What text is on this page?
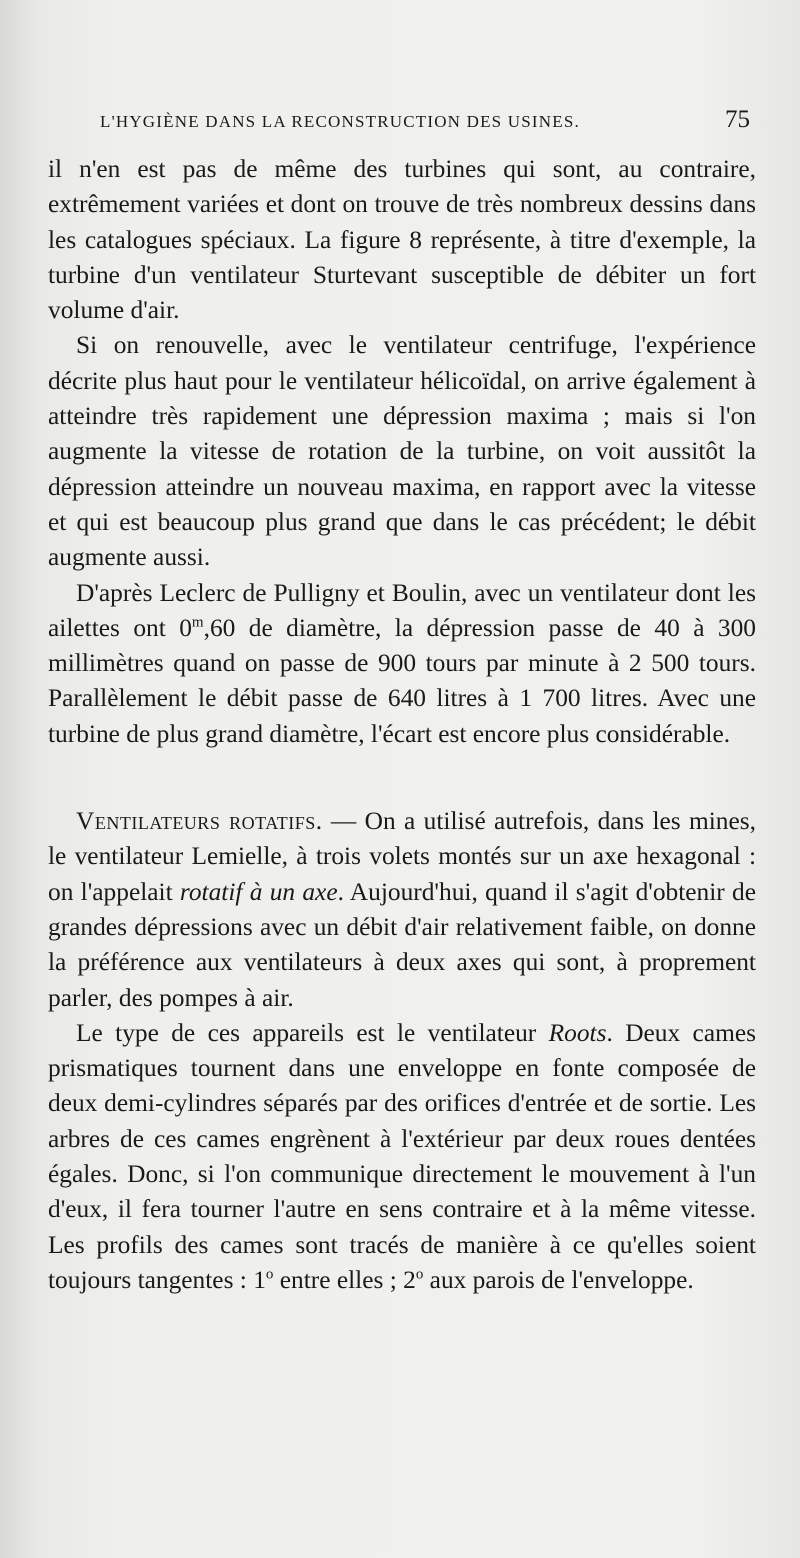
L'HYGIÈNE DANS LA RECONSTRUCTION DES USINES.	75

il n'en est pas de même des turbines qui sont, au contraire, extrêmement variées et dont on trouve de très nombreux dessins dans les catalogues spéciaux. La figure 8 représente, à titre d'exemple, la turbine d'un ventilateur Sturtevant susceptible de débiter un fort volume d'air.

Si on renouvelle, avec le ventilateur centrifuge, l'expérience décrite plus haut pour le ventilateur hélicoïdal, on arrive également à atteindre très rapidement une dépression maxima ; mais si l'on augmente la vitesse de rotation de la turbine, on voit aussitôt la dépression atteindre un nouveau maxima, en rapport avec la vitesse et qui est beaucoup plus grand que dans le cas précédent; le débit augmente aussi.

D'après Leclerc de Pulligny et Boulin, avec un ventilateur dont les ailettes ont 0$^m$,60 de diamètre, la dépression passe de 40 à 300 millimètres quand on passe de 900 tours par minute à 2 500 tours. Parallèlement le débit passe de 640 litres à 1 700 litres. Avec une turbine de plus grand diamètre, l'écart est encore plus considérable.

Ventilateurs rotatifs. — On a utilisé autrefois, dans les mines, le ventilateur Lemielle, à trois volets montés sur un axe hexagonal : on l'appelait rotatif à un axe. Aujourd'hui, quand il s'agit d'obtenir de grandes dépressions avec un débit d'air relativement faible, on donne la préférence aux ventilateurs à deux axes qui sont, à proprement parler, des pompes à air.

Le type de ces appareils est le ventilateur Roots. Deux cames prismatiques tournent dans une enveloppe en fonte composée de deux demi-cylindres séparés par des orifices d'entrée et de sortie. Les arbres de ces cames engrènent à l'extérieur par deux roues dentées égales. Donc, si l'on communique directement le mouvement à l'un d'eux, il fera tourner l'autre en sens contraire et à la même vitesse. Les profils des cames sont tracés de manière à ce qu'elles soient toujours tangentes : 1$^o$ entre elles ; 2$^o$ aux parois de l'enveloppe.
